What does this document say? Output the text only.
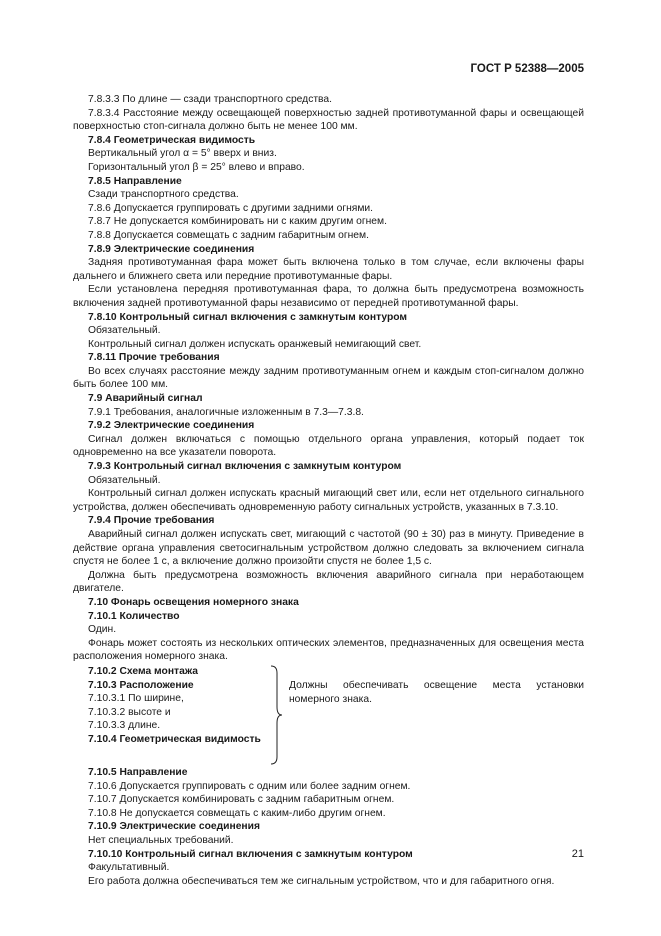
ГОСТ Р 52388—2005
7.8.3.3 По длине — сзади транспортного средства.
7.8.3.4 Расстояние между освещающей поверхностью задней противотуманной фары и освещающей поверхностью стоп-сигнала должно быть не менее 100 мм.
7.8.4 Геометрическая видимость
Вертикальный угол α = 5° вверх и вниз.
Горизонтальный угол β = 25° влево и вправо.
7.8.5 Направление
Сзади транспортного средства.
7.8.6 Допускается группировать с другими задними огнями.
7.8.7 Не допускается комбинировать ни с каким другим огнем.
7.8.8 Допускается совмещать с задним габаритным огнем.
7.8.9 Электрические соединения
Задняя противотуманная фара может быть включена только в том случае, если включены фары дальнего и ближнего света или передние противотуманные фары.
Если установлена передняя противотуманная фара, то должна быть предусмотрена возможность включения задней противотуманной фары независимо от передней противотуманной фары.
7.8.10 Контрольный сигнал включения с замкнутым контуром
Обязательный.
Контрольный сигнал должен испускать оранжевый немигающий свет.
7.8.11 Прочие требования
Во всех случаях расстояние между задним противотуманным огнем и каждым стоп-сигналом должно быть более 100 мм.
7.9 Аварийный сигнал
7.9.1 Требования, аналогичные изложенным в 7.3—7.3.8.
7.9.2 Электрические соединения
Сигнал должен включаться с помощью отдельного органа управления, который подает ток одновременно на все указатели поворота.
7.9.3 Контрольный сигнал включения с замкнутым контуром
Обязательный.
Контрольный сигнал должен испускать красный мигающий свет или, если нет отдельного сигнального устройства, должен обеспечивать одновременную работу сигнальных устройств, указанных в 7.3.10.
7.9.4 Прочие требования
Аварийный сигнал должен испускать свет, мигающий с частотой (90 ± 30) раз в минуту. Приведение в действие органа управления светосигнальным устройством должно следовать за включением сигнала спустя не более 1 с, а включение должно произойти спустя не более 1,5 с.
Должна быть предусмотрена возможность включения аварийного сигнала при неработающем двигателе.
7.10 Фонарь освещения номерного знака
7.10.1 Количество
Один.
Фонарь может состоять из нескольких оптических элементов, предназначенных для освещения места расположения номерного знака.
7.10.2 Схема монтажа
7.10.3 Расположение
7.10.3.1 По ширине,
7.10.3.2 высоте и
7.10.3.3 длине.
7.10.4 Геометрическая видимость
Должны обеспечивать освещение места установки номерного знака.
7.10.5 Направление
7.10.6 Допускается группировать с одним или более задним огнем.
7.10.7 Допускается комбинировать с задним габаритным огнем.
7.10.8 Не допускается совмещать с каким-либо другим огнем.
7.10.9 Электрические соединения
Нет специальных требований.
7.10.10 Контрольный сигнал включения с замкнутым контуром
Факультативный.
Его работа должна обеспечиваться тем же сигнальным устройством, что и для габаритного огня.
21
